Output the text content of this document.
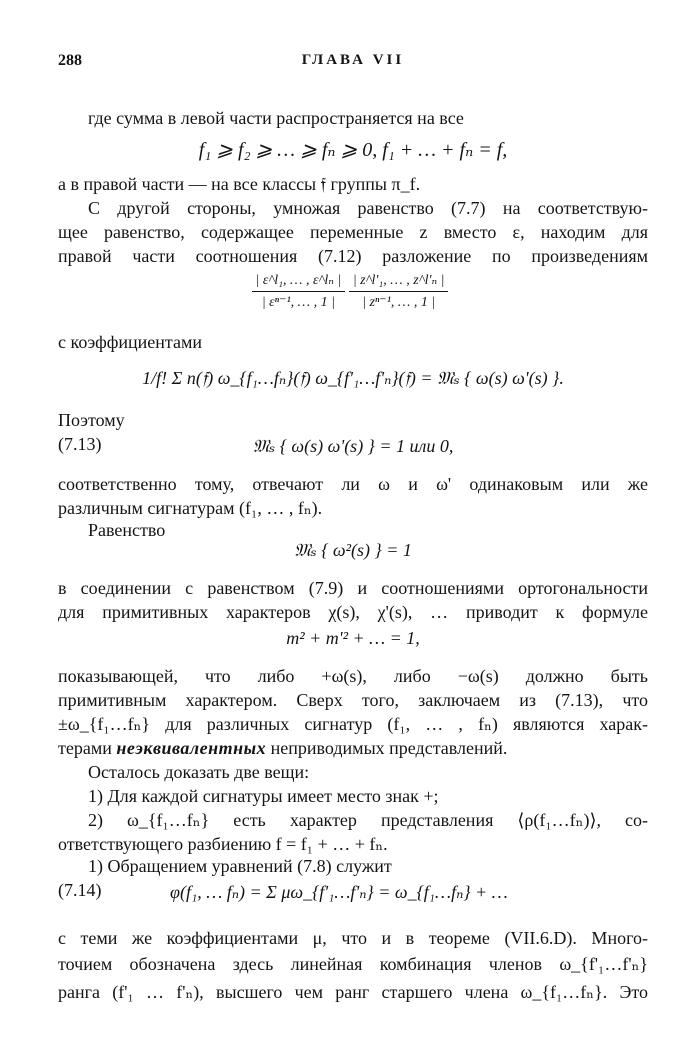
288	ГЛАВА VII
где сумма в левой части распространяется на все
f₁ ⩾ f₂ ⩾ … ⩾ fₙ ⩾ 0, f₁ + … + fₙ = f,
а в правой части — на все классы 𝔣 группы π_f.
С другой стороны, умножая равенство (7.7) на соответствую-
щее равенство, содержащее переменные z вместо ε, находим для
правой части соотношения (7.12) разложение по произведениям
$\frac{\text{| ε\textasciicircum{}l₁, … , ε\textasciicircum{}lₙ |}}{\text{| εⁿ⁻¹, … , 1 |}}$
$\frac{\text{| z\textasciicircum{}l'₁, … , z\textasciicircum{}l'ₙ |}}{\text{| zⁿ⁻¹, … , 1 |}}$
с коэффициентами
1/f! Σ n(𝔣) ω_{f₁…fₙ}(𝔣) ω_{f'₁…f'ₙ}(𝔣) = 𝔐ₛ { ω(s) ω'(s) }.
Поэтому
(7.13)	𝔐ₛ { ω(s) ω'(s) } = 1 или 0,
соответственно тому, отвечают ли ω и ω' одинаковым или же
различным сигнатурам (f₁, … , fₙ).
Равенство
𝔐ₛ { ω²(s) } = 1
в соединении с равенством (7.9) и соотношениями ортогональности
для примитивных характеров χ(s), χ'(s), … приводит к формуле
m² + m'² + … = 1,
показывающей, что либо +ω(s), либо −ω(s) должно быть
примитивным характером. Сверх того, заключаем из (7.13), что
±ω_{f₁…fₙ} для различных сигнатур (f₁, … , fₙ) являются харак-
терами неэквивалентных неприводимых представлений.
Осталось доказать две вещи:
1) Для каждой сигнатуры имеет место знак +;
2) ω_{f₁…fₙ} есть характер представления ⟨ρ(f₁…fₙ)⟩, со-
ответствующего разбиению f = f₁ + … + fₙ.
1) Обращением уравнений (7.8) служит
(7.14)	φ(f₁, … fₙ) = Σ μω_{f'₁…f'ₙ} = ω_{f₁…fₙ} + …
с теми же коэффициентами μ, что и в теореме (VII.6.D). Много-
точием обозначена здесь линейная комбинация членов ω_{f'₁…f'ₙ}
ранга (f'₁ … f'ₙ), высшего чем ранг старшего члена ω_{f₁…fₙ}. Это
